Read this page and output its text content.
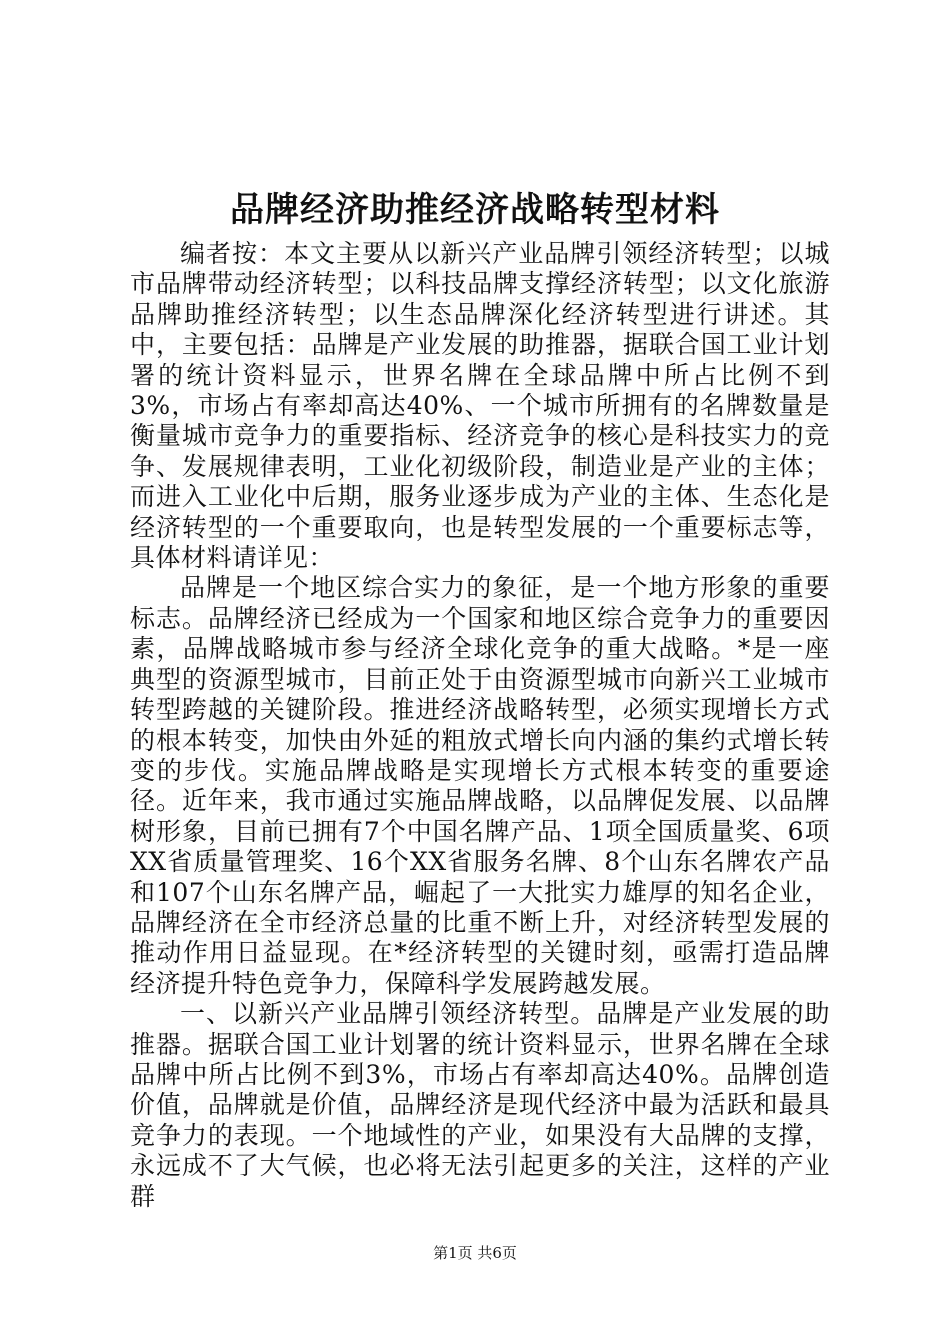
品牌经济助推经济战略转型材料

编者按：本文主要从以新兴产业品牌引领经济转型；以城市品牌带动经济转型；以科技品牌支撑经济转型；以文化旅游品牌助推经济转型；以生态品牌深化经济转型进行讲述。其中，主要包括：品牌是产业发展的助推器，据联合国工业计划署的统计资料显示，世界名牌在全球品牌中所占比例不到3%，市场占有率却高达40%、一个城市所拥有的名牌数量是衡量城市竞争力的重要指标、经济竞争的核心是科技实力的竞争、发展规律表明，工业化初级阶段，制造业是产业的主体；而进入工业化中后期，服务业逐步成为产业的主体、生态化是经济转型的一个重要取向，也是转型发展的一个重要标志等，具体材料请详见：

品牌是一个地区综合实力的象征，是一个地方形象的重要标志。品牌经济已经成为一个国家和地区综合竞争力的重要因素，品牌战略城市参与经济全球化竞争的重大战略。*是一座典型的资源型城市，目前正处于由资源型城市向新兴工业城市转型跨越的关键阶段。推进经济战略转型，必须实现增长方式的根本转变，加快由外延的粗放式增长向内涵的集约式增长转变的步伐。实施品牌战略是实现增长方式根本转变的重要途径。近年来，我市通过实施品牌战略，以品牌促发展、以品牌树形象，目前已拥有7个中国名牌产品、1项全国质量奖、6项XX省质量管理奖、16个XX省服务名牌、8个山东名牌农产品和107个山东名牌产品，崛起了一大批实力雄厚的知名企业，品牌经济在全市经济总量的比重不断上升，对经济转型发展的推动作用日益显现。在*经济转型的关键时刻，亟需打造品牌经济提升特色竞争力，保障科学发展跨越发展。

一、以新兴产业品牌引领经济转型。品牌是产业发展的助推器。据联合国工业计划署的统计资料显示，世界名牌在全球品牌中所占比例不到3%，市场占有率却高达40%。品牌创造价值，品牌就是价值，品牌经济是现代经济中最为活跃和最具竞争力的表现。一个地域性的产业，如果没有大品牌的支撑，永远成不了大气候，也必将无法引起更多的关注，这样的产业群

第1页 共6页
